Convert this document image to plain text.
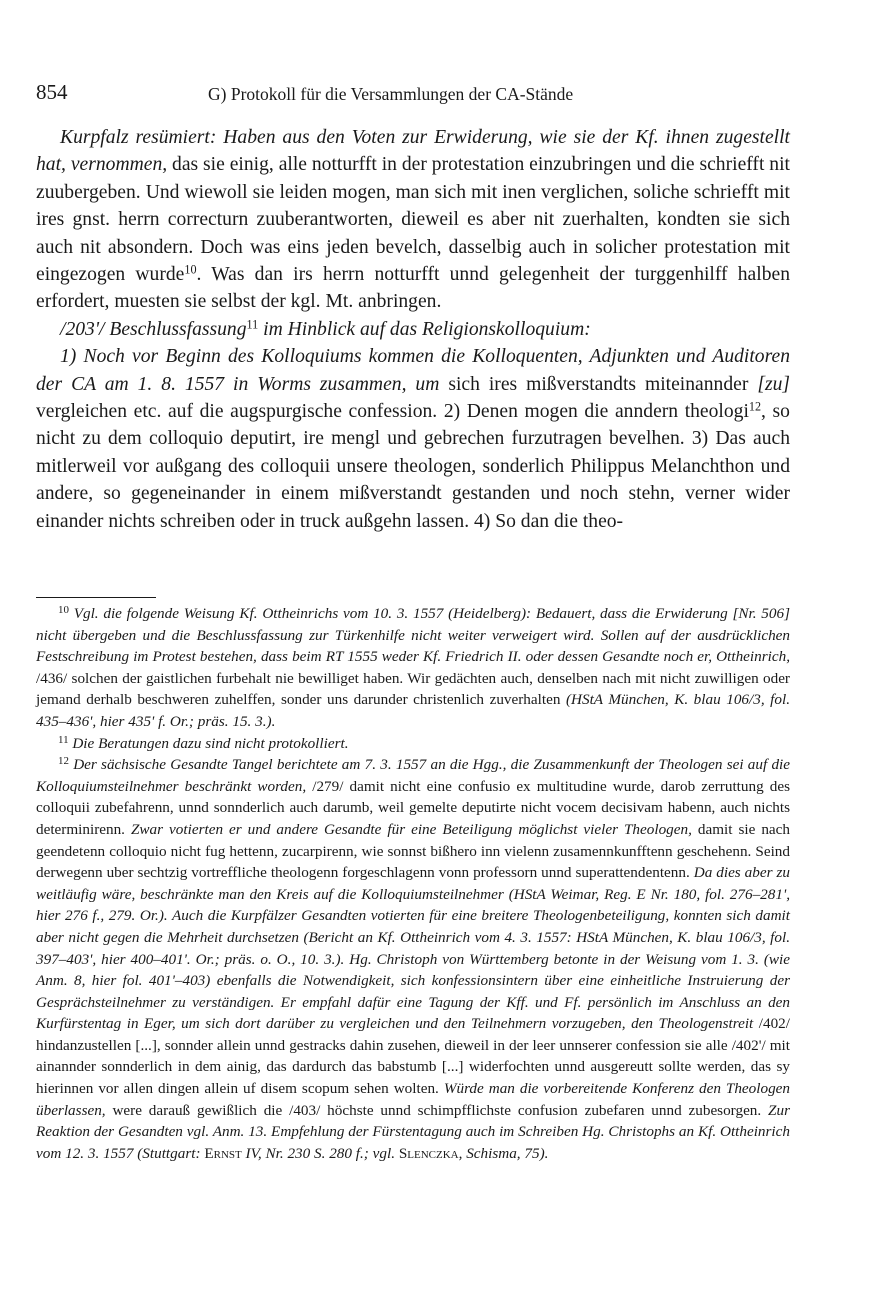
854	G) Protokoll für die Versammlungen der CA-Stände

Kurpfalz resümiert: Haben aus den Voten zur Erwiderung, wie sie der Kf. ihnen zugestellt hat, vernommen, das sie einig, alle notturfft in der protestation einzubringen und die schriefft nit zuubergeben. Und wiewoll sie leiden mogen, man sich mit inen verglichen, soliche schriefft mit ires gnst. herrn correcturn zuuberantworten, dieweil es aber nit zuerhalten, kondten sie sich auch nit absondern. Doch was eins jeden bevelch, dasselbig auch in solicher protestation mit eingezogen wurde$^{10}$. Was dan irs herrn notturfft unnd gelegenheit der turggenhilff halben erfordert, muesten sie selbst der kgl. Mt. anbringen.

/203'/ Beschlussfassung$^{11}$ im Hinblick auf das Religionskolloquium:

1) Noch vor Beginn des Kolloquiums kommen die Kolloquenten, Adjunkten und Auditoren der CA am 1. 8. 1557 in Worms zusammen, um sich ires mißverstandts miteinannder [zu] vergleichen etc. auf die augspurgische confession. 2) Denen mogen die anndern theologi$^{12}$, so nicht zu dem colloquio deputirt, ire mengl und gebrechen furzutragen bevelhen. 3) Das auch mitlerweil vor außgang des colloquii unsere theologen, sonderlich Philippus Melanchthon und andere, so gegeneinander in einem mißverstandt gestanden und noch stehn, verner wider einander nichts schreiben oder in truck außgehn lassen. 4) So dan die theo-

$^{10}$ Vgl. die folgende Weisung Kf. Ottheinrichs vom 10. 3. 1557 (Heidelberg): Bedauert, dass die Erwiderung [Nr. 506] nicht übergeben und die Beschlussfassung zur Türkenhilfe nicht weiter verweigert wird. Sollen auf der ausdrücklichen Festschreibung im Protest bestehen, dass beim RT 1555 weder Kf. Friedrich II. oder dessen Gesandte noch er, Ottheinrich, /436/ solchen der gaistlichen furbehalt nie bewilliget haben. Wir gedächten auch, denselben nach mit nicht zuwilligen oder jemand derhalb beschweren zuhelffen, sonder uns darunder christenlich zuverhalten (HStA München, K. blau 106/3, fol. 435–436', hier 435' f. Or.; präs. 15. 3.).

$^{11}$ Die Beratungen dazu sind nicht protokolliert.

$^{12}$ Der sächsische Gesandte Tangel berichtete am 7. 3. 1557 an die Hgg., die Zusammenkunft der Theologen sei auf die Kolloquiumsteilnehmer beschränkt worden, /279/ damit nicht eine confusio ex multitudine wurde, darob zerruttung des colloquii zubefahrenn, unnd sonnderlich auch darumb, weil gemelte deputirte nicht vocem decisivam habenn, auch nichts determinirenn. Zwar votierten er und andere Gesandte für eine Beteiligung möglichst vieler Theologen, damit sie nach geendetenn colloquio nicht fug hettenn, zucarpirenn, wie sonnst bißhero inn vielenn zusamennkunfftenn geschehenn. Seind derwegenn uber sechtzig vortreffliche theologenn forgeschlagenn vonn professorn unnd superattendentenn. Da dies aber zu weitläufig wäre, beschränkte man den Kreis auf die Kolloquiumsteilnehmer (HStA Weimar, Reg. E Nr. 180, fol. 276–281', hier 276 f., 279. Or.). Auch die Kurpfälzer Gesandten votierten für eine breitere Theologenbeteiligung, konnten sich damit aber nicht gegen die Mehrheit durchsetzen (Bericht an Kf. Ottheinrich vom 4. 3. 1557: HStA München, K. blau 106/3, fol. 397–403', hier 400–401'. Or.; präs. o. O., 10. 3.). Hg. Christoph von Württemberg betonte in der Weisung vom 1. 3. (wie Anm. 8, hier fol. 401'–403) ebenfalls die Notwendigkeit, sich konfessionsintern über eine einheitliche Instruierung der Gesprächsteilnehmer zu verständigen. Er empfahl dafür eine Tagung der Kff. und Ff. persönlich im Anschluss an den Kurfürstentag in Eger, um sich dort darüber zu vergleichen und den Teilnehmern vorzugeben, den Theologenstreit /402/ hindanzustellen [...], sonnder allein unnd gestracks dahin zusehen, dieweil in der leer unnserer confession sie alle /402'/ mit ainannder sonnderlich in dem ainig, das dardurch das babstumb [...] widerfochten unnd ausgereutt sollte werden, das sy hierinnen vor allen dingen allein uf disem scopum sehen wolten. Würde man die vorbereitende Konferenz den Theologen überlassen, were darauß gewißlich die /403/ höchste unnd schimpfflichste confusion zubefaren unnd zubesorgen. Zur Reaktion der Gesandten vgl. Anm. 13. Empfehlung der Fürstentagung auch im Schreiben Hg. Christophs an Kf. Ottheinrich vom 12. 3. 1557 (Stuttgart: Ernst IV, Nr. 230 S. 280 f.; vgl. Slenczka, Schisma, 75).
